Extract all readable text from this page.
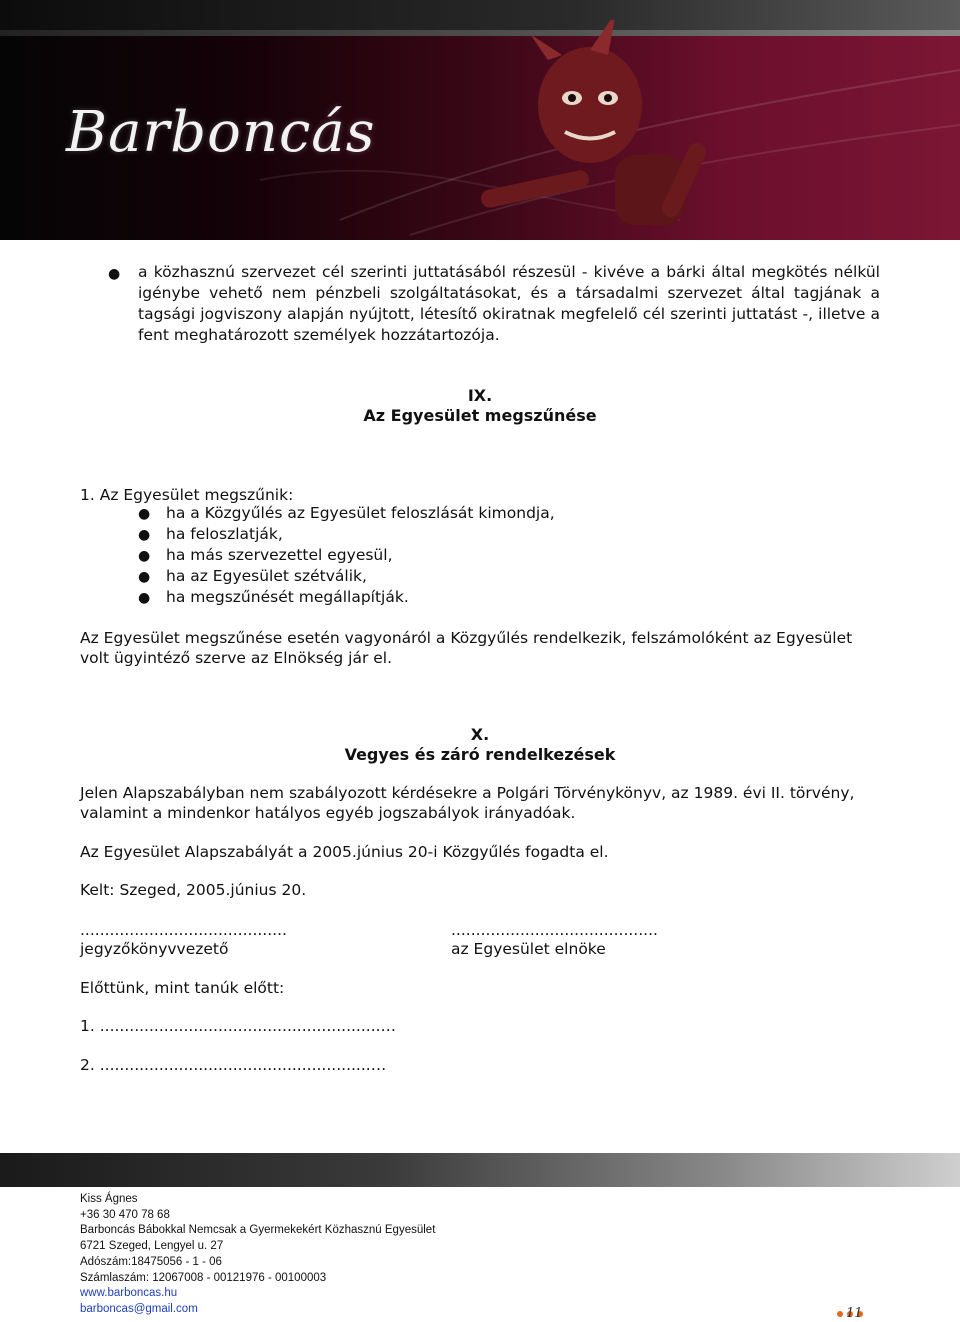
Barboncás
● a közhasznú szervezet cél szerinti juttatásából részesül - kivéve a bárki által megkötés nélkül igénybe vehető nem pénzbeli szolgáltatásokat, és a társadalmi szervezet által tagjának a tagsági jogviszony alapján nyújtott, létesítő okiratnak megfelelő cél szerinti juttatást -, illetve a fent meghatározott személyek hozzátartozója.
IX.
Az Egyesület megszűnése
1. Az Egyesület megszűnik:
● ha a Közgyűlés az Egyesület feloszlását kimondja,
● ha feloszlatják,
● ha más szervezettel egyesül,
● ha az Egyesület szétválik,
● ha megszűnését megállapítják.
Az Egyesület megszűnése esetén vagyonáról a Közgyűlés rendelkezik, felszámolóként az Egyesület volt ügyintéző szerve az Elnökség jár el.
X.
Vegyes és záró rendelkezések
Jelen Alapszabályban nem szabályozott kérdésekre a Polgári Törvénykönyv, az 1989. évi II. törvény, valamint a mindenkor hatályos egyéb jogszabályok irányadóak.
Az Egyesület Alapszabályát a 2005.június 20-i Közgyűlés fogadta el.
Kelt: Szeged, 2005.június 20.
..........................................
jegyzőkönyvvezető
..........................................
az Egyesület elnöke
Előttünk, mint tanúk előtt:
1. .........................................................…
2. .......................................................…
Kiss Ágnes
+36 30 470 78 68
Barboncás Bábokkal Nemcsak a Gyermekekért Közhasznú Egyesület
6721 Szeged, Lengyel u. 27
Adószám:18475056 - 1 - 06
Számlaszám: 12067008 - 00121976 - 00100003
www.barboncas.hu
barboncas@gmail.com	11
